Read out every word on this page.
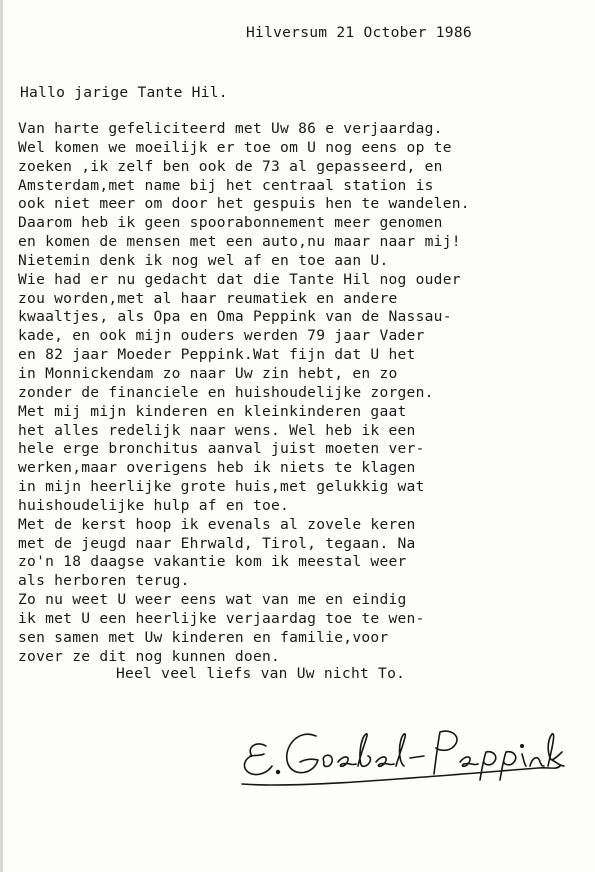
Hilversum 21 October 1986
Hallo jarige Tante Hil.
Van harte gefeliciteerd met Uw 86 e verjaardag.
Wel komen we moeilijk er toe om U nog eens op te
zoeken ,ik zelf ben ook de 73 al gepasseerd, en
Amsterdam,met name bij het centraal station is
ook niet meer om door het gespuis hen te wandelen.
Daarom heb ik geen spoorabonnement meer genomen
en komen de mensen met een auto,nu maar naar mij!
Nietemin denk ik nog wel af en toe aan U.
Wie had er nu gedacht dat die Tante Hil nog ouder
zou worden,met al haar reumatiek en andere
kwaaltjes, als Opa en Oma Peppink van de Nassau-
kade, en ook mijn ouders werden 79 jaar Vader
en 82 jaar Moeder Peppink.Wat fijn dat U het
in Monnickendam zo naar Uw zin hebt, en zo
zonder de financiele en huishoudelijke zorgen.
Met mij mijn kinderen en kleinkinderen gaat
het alles redelijk naar wens. Wel heb ik een
hele erge bronchitus aanval juist moeten ver-
werken,maar overigens heb ik niets te klagen
in mijn heerlijke grote huis,met gelukkig wat
huishoudelijke hulp af en toe.
Met de kerst hoop ik evenals al zovele keren
met de jeugd naar Ehrwald, Tirol, tegaan. Na
zo'n 18 daagse vakantie kom ik meestal weer
als herboren terug.
Zo nu weet U weer eens wat van me en eindig
ik met U een heerlijke verjaardag toe te wen-
sen samen met Uw kinderen en familie,voor
zover ze dit nog kunnen doen.
Heel veel liefs van Uw nicht To.
